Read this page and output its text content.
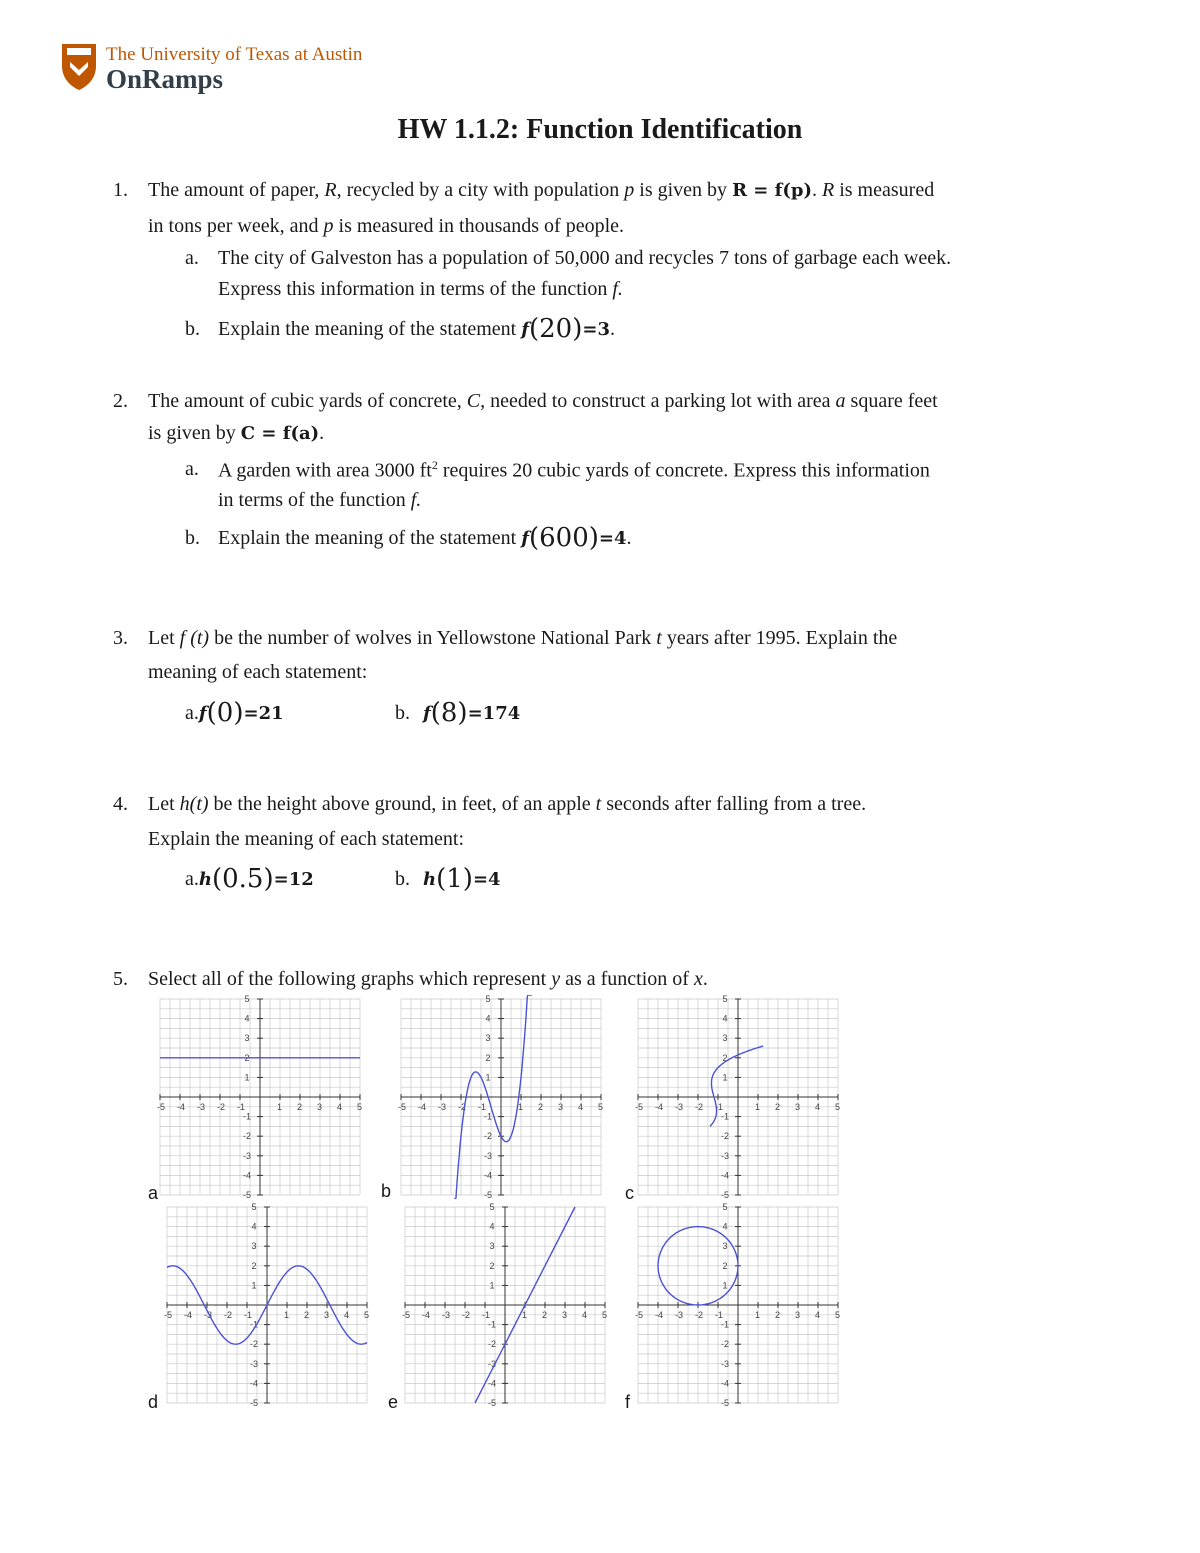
The University of Texas at Austin
OnRamps
HW 1.1.2: Function Identification
1. The amount of paper, R, recycled by a city with population p is given by R = f(p). R is measured
in tons per week, and p is measured in thousands of people.
a. The city of Galveston has a population of 50,000 and recycles 7 tons of garbage each week.
Express this information in terms of the function f.
b. Explain the meaning of the statement f(20)=3.
2. The amount of cubic yards of concrete, C, needed to construct a parking lot with area a square feet
is given by C = f(a).
a. A garden with area 3000 $ft^2$ requires 20 cubic yards of concrete. Express this information
in terms of the function f.
b. Explain the meaning of the statement f(600)=4.
3. Let f (t) be the number of wolves in Yellowstone National Park t years after 1995. Explain the
meaning of each statement:
a.f(0)=21	b. f(8)=174
4. Let h(t) be the height above ground, in feet, of an apple t seconds after falling from a tree.
Explain the meaning of each statement:
a.h(0.5)=12	b. h(1)=4
5. Select all of the following graphs which represent y as a function of x.
a	b	c
d	e	f
-5
-5
-4
-4
-3
-3
-2
-2
-1
-1
1
1
2
2
3
3
4
4
5
5
-5
-5
-4
-4
-3
-3
-2
-2
-1
-1
1
1
2
2
3
3
4
4
5
5
-5
-5
-4
-4
-3
-3
-2
-2
-1
-1
1
1
2
2
3
3
4
4
5
5
-5
-5
-4
-4
-3
-3
-2
-2
-1
-1
1
1
2
2
3
3
4
4
5
5
-5
-5
-4
-4
-3
-3
-2
-2
-1
-1
1
1
2
2
3
3
4
4
5
5
-5
-5
-4
-4
-3
-3
-2
-2
-1
-1
1
1
2
2
3
3
4
4
5
5
